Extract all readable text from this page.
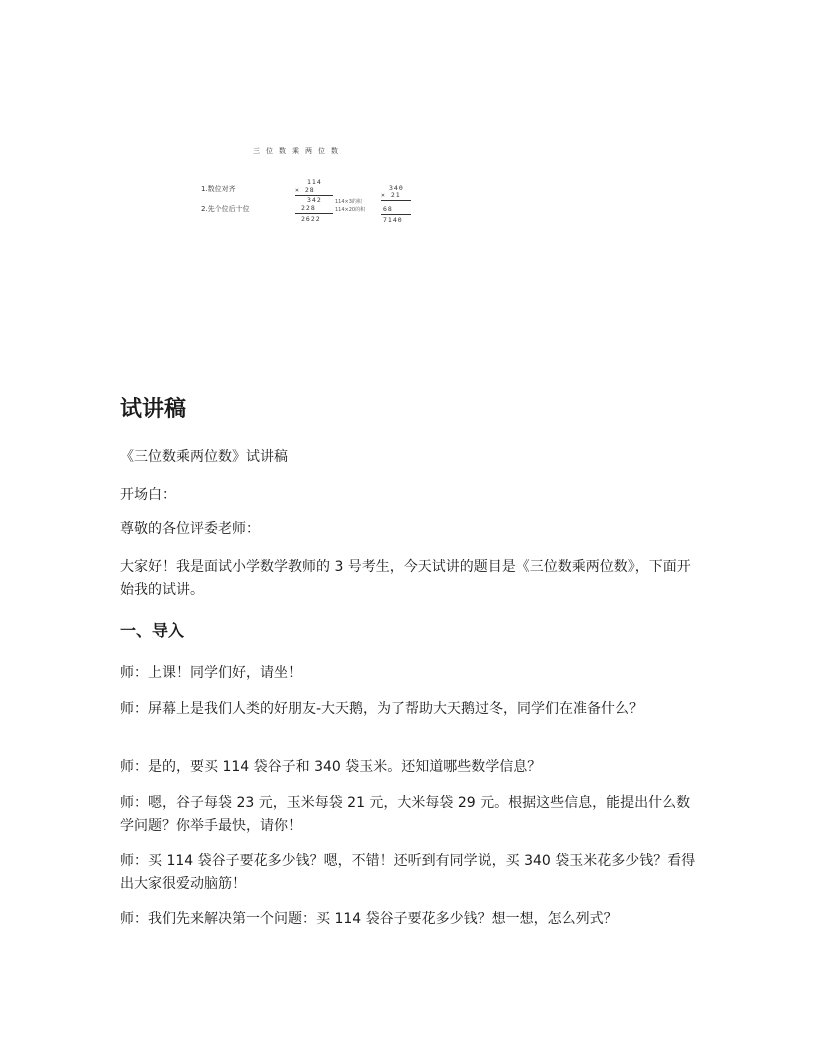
三位数乘两位数
1.数位对齐
2.先个位后十位
114
× 28
342	114×3的积
228	114×20的积
2622
340
× 21
68
7140
试讲稿

《三位数乘两位数》试讲稿

开场白：

尊敬的各位评委老师：

大家好！我是面试小学数学教师的 3 号考生，今天试讲的题目是《三位数乘两位数》，下面开始我的试讲。

一、导入

师：上课！同学们好，请坐！

师：屏幕上是我们人类的好朋友-大天鹅，为了帮助大天鹅过冬，同学们在准备什么？

师：是的，要买 114 袋谷子和 340 袋玉米。还知道哪些数学信息？

师：嗯，谷子每袋 23 元，玉米每袋 21 元，大米每袋 29 元。根据这些信息，能提出什么数学问题？你举手最快，请你！

师：买 114 袋谷子要花多少钱？嗯，不错！还听到有同学说，买 340 袋玉米花多少钱？看得出大家很爱动脑筋！

师：我们先来解决第一个问题：买 114 袋谷子要花多少钱？想一想，怎么列式？
